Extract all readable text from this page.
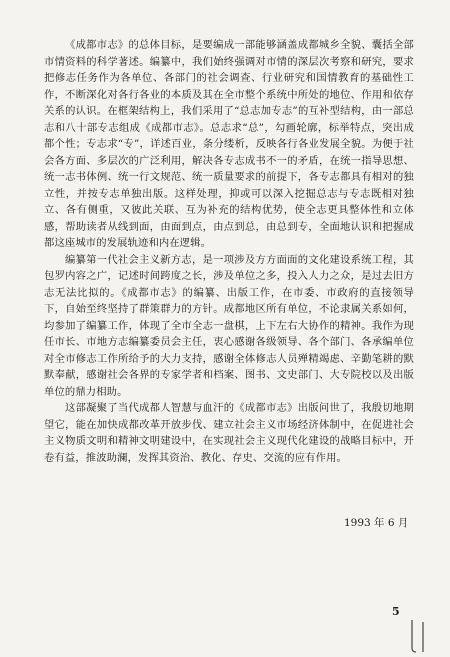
《成都市志》的总体目标，是要编成一部能够涵盖成都城乡全貌、囊括全部市情资料的科学著述。编纂中，我们始终强调对市情的深层次考察和研究，要求把修志任务作为各单位、各部门的社会调查、行业研究和国情教育的基础性工作，不断深化对各行各业的本质及其在全市整个系统中所处的地位、作用和依存关系的认识。在框架结构上，我们采用了“总志加专志”的互补型结构，由一部总志和八十部专志组成《成都市志》。总志求“总”，勾画轮廓，标举特点，突出成都个性；专志求“专”，详述百业，条分缕析，反映各行各业发展全貌。为便于社会各方面、多层次的广泛利用，解决各专志成书不一的矛盾，在统一指导思想、统一志书体例、统一行文规范、统一质量要求的前提下，各专志都具有相对的独立性，并按专志单独出版。这样处理，抑或可以深入挖掘总志与专志既相对独立、各有侧重，又彼此关联、互为补充的结构优势，使全志更具整体性和立体感，帮助读者从线到面，由面到点，由点到总，由总到专，全面地认识和把握成都这座城市的发展轨迹和内在逻辑。

编纂第一代社会主义新方志，是一项涉及方方面面的文化建设系统工程，其包罗内容之广，记述时间跨度之长，涉及单位之多，投入人力之众，是过去旧方志无法比拟的。《成都市志》的编纂、出版工作，在市委、市政府的直接领导下，自始至终坚持了群策群力的方针。成都地区所有单位，不论隶属关系如何，均参加了编纂工作，体现了全市全志一盘棋，上下左右大协作的精神。我作为现任市长、市地方志编纂委员会主任，衷心感谢各级领导、各个部门、各承编单位对全市修志工作所给予的大力支持，感谢全体修志人员殚精竭虑、辛勤笔耕的默默奉献，感谢社会各界的专家学者和档案、图书、文史部门、大专院校以及出版单位的鼎力相助。

这部凝聚了当代成都人智慧与血汗的《成都市志》出版问世了，我殷切地期望它，能在加快成都改革开放步伐、建立社会主义市场经济体制中，在促进社会主义物质文明和精神文明建设中，在实现社会主义现代化建设的战略目标中，开卷有益，推波助澜，发挥其资治、教化、存史、交流的应有作用。

1993 年 6 月
5
